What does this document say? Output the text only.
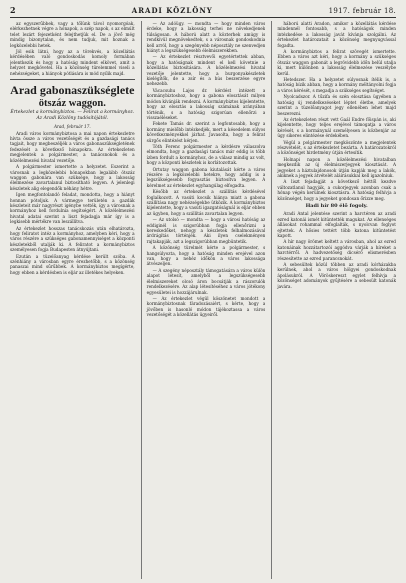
2	ARADI KÖZLÖNY	1917. február 18.

az egyszerűbbek, vagy a tőlünk távol nyomorgóak, elérkezhetnek végre a hónapok, a szép napok, s az elmúlt telet lezárt fejezetként felejthetjük el. De a jövő még mindig bizonytalan, és nem tudjuk, mit hoznak a legközelebbi hetek.

Jól esik látni, hogy az a törekvés, a közellátás kérdésében való gondoskodás komoly formában jelentkezik és hogy a hatóság mindent elkövet, amit a helyzet megkövetel. Ha a közönség türelemmel viseli a nehézségeket, a hiányok pótlására is mód nyílik majd.

Arad gabonaszükséglete
ötszáz waggon.
Értekezlet a kormánybiztos. — Felirat a kormányhoz. Az Aradi Közlöny tudósítójától.

Arad, február 17.

Aradi város kormánybiztosa a mai napon értekezletre hívta össze a város vezetőségét és a gazdasági tanács tagjait, hogy megbeszéljék a város gabonaszükségletének fedezését a következő hónapokra. Az értekezleten megjelentek a polgármester, a tanácsnokok és a közélelmezési hivatal vezetője.

A polgármester ismertette a helyzetet. Eszerint a városnak a legközelebbi hónapokban legalább ötszáz waggon gabonára van szüksége, hogy a lakosság élelmezése zavartalanul biztosítható legyen. A jelenlegi készletek alig elegendők néhány hétre.

Igen megfontolandó feladat, mondotta, hogy a hiányt honnan pótoljuk. A vármegye területén a gazdák készleteit már nagyrészt igénybe vették, így a városnak a kormányhoz kell fordulnia segítségért. A közélelmezési hivatal adatai szerint a liszt fejadagja már így is a legkisebb mértékre van leszállítva.

Az értekezlet hosszas tanácskozás után elhatározta, hogy feliratot intéz a kormányhoz, amelyben kéri, hogy a város részére a szükséges gabonamennyiséget a központi készletekből utalják ki. A feliratot a kormánybiztos személyesen fogja Budapesten átnyújtani.

Ezután a tüzelőanyag kérdése került szóba. A szénhiány a városban egyre érezhetőbb, s a közönség panaszai mind sűrűbbek. A kormánybiztos megígérte, hogy ebben a kérdésben is eljár az illetékes helyeken.

— Az adóügy. — mondta — hogy minden város érdeke, hogy a lakosság terhei ne növekedjenek túlságosan. A háború alatt a közterhek amúgy is rendkívül megnövekedtek, s a városnak gondoskodnia kell arról, hogy a szegényebb néposztály ne szenvedjen hiányt a legszükségesebb élelmiszerekben.

— Az értekezlet résztvevői egyetértettek abban, hogy a hatóságnak mindent el kell követnie a közellátás biztosítására. A közélelmezési hivatal vezetője jelentette, hogy a burgonyakészletek kielégítők, de a zsír és a hús beszerzése egyre nehezebb.

Vácacsuhu Lajos dr. kérdést intézett a kormánybiztoshoz, hogy a gabona elosztását milyen módon kívánják rendezni. A kormánybiztos kijelentette, hogy az elosztás a lakosság számának arányában történik, s a hatóság szigorúan ellenőrzi a visszaéléseket.

Fekete Tamás dr. szerint a legfontosabb, hogy a kormány mielőbb intézkedjék, mert a késedelem súlyos következményekkel járhat. Javasolta, hogy a felirat sürgős elintézést kérjen.

Tóth Ferenc polgármester a kérdésre válaszolva elmondta, hogy a gazdasági tanács már eddig is több ízben fordult a kormányhoz, de a válasz mindig az volt, hogy a központi készletek is korlátozottak.

Ortutay waggon gabona kiutalását kérte a város részére a legközelebbi hetekre, hogy addig is a legszükségesebb fogyasztás biztosítva legyen. A kérelmet az értekezlet egyhangúlag elfogadta.

Később az értekezlet a szállítás kérdésével foglalkozott. A vasúti kocsik hiánya miatt a gabona szállítása nagy nehézségekbe ütközik. A kormánybiztos kijelentette, hogy a vasúti igazgatóságnál is eljár ebben az ügyben, hogy a szállítás zavartalan legyen.

— Az utolsó — mondta — hogy a városi hatóság az eddiginél is szigorúbban fogja ellenőrizni a kereskedőket, nehogy a készletek felhalmozásával árdrágítás történjék. Aki ilyen cselekményen rajtakapják, azt a legszigorúbban megbüntetik.

A közönség türelmét kérte a polgármester, s hangsúlyozta, hogy a hatóság minden erejével azon van, hogy a nehéz időkön a város lakossága átvészeljen.

— A szegény néposztály támogatására a város külön alapot létesít, amelyből a legszükségesebb élelmiszereket olcsó áron bocsátják a rászorulók rendelkezésére. Az alap létesítéséhez a város jótékony egyesületei is hozzájárulnak.

— Az értekezlet végül köszönetet mondott a kormánybiztosnak fáradozásaiért, s kérte, hogy a jövőben is hasonló módon tájékoztassa a város vezetőségét a közellátás ügyeiről.

háború alatti Aradon, amikor a közellátás kérdése mindennél fontosabb, s a hatóságok minden intézkedése a lakosság javát kívánja szolgálni. Az értekezlet határozatait a közönség megnyugvással fogadta.

A kormánybiztos a felirat szövegét ismertette. Ebben a város azt kéri, hogy a kormány a szükséges ötszáz waggon gabonát a legrövidebb időn belül utalja ki, mert különben a lakosság élelmezése veszélybe kerül.

Hetedszer. Ha a helyzetet súlyosnak ítélik is, a hatóság bízik abban, hogy a kormány méltányolni fogja a város kérését, s megadja a szükséges segítséget.

Nyolcadszor. A tűzifa és szén elosztása ügyében a hatóság új rendelkezéseket léptet életbe, amelyek szerint a tüzelőanyagot jegy ellenében lehet majd beszerezni.

Az értekezleten részt vett Gaál Endre főispán is, aki kijelentette, hogy teljes erejével támogatja a város kérését, s a kormánynál személyesen is közbenjár az ügy sikeres elintézése érdekében.

Végül a polgármester megköszönte a megjelentek részvételét, s az értekezletet bezárta. A határozatokról a közönséget hirdetmény útján értesítik.

Holnapi napon a közélelmezési hivatalban megkezdik az új élelmiszerjegyek kiosztását. A jegyeket a háztulajdonosok útján kapják meg a lakók, akiknek a jegyek átvételét aláírásukkal kell igazolniuk.

A liszt fejadagját a következő héttől kezdve változatlanul hagyják, a cukorjegyek azonban csak a hónap végén kerülnek kiosztásra. A hatóság felhívja a közönséget, hogy a jegyeket gondosan őrizze meg.

Hadi hír 80 élő fogoly.

Aradi Antal jelentése szerint a harctéren az aradi ezred katonái ismét kitüntették magukat. Az ellenséges állásokat rohammal elfoglalták, s nyolcvan foglyot ejtettek. A hősies tettért több katona kitüntetést kapott.

A hír nagy örömet keltett a városban, ahol az ezred katonáinak hozzátartozói aggódva várják a híreket a harctérről. A hadvezetőség dicsérő elismerésben részesítette az ezred parancsnokát.

A sebesültek közül többen az aradi kórházakba kerülnek, ahol a város hölgyei gondoskodnak ápolásukról. A Vöröskereszt egylet felhívja a közönséget adományok gyűjtésére a sebesült katonák javára.
